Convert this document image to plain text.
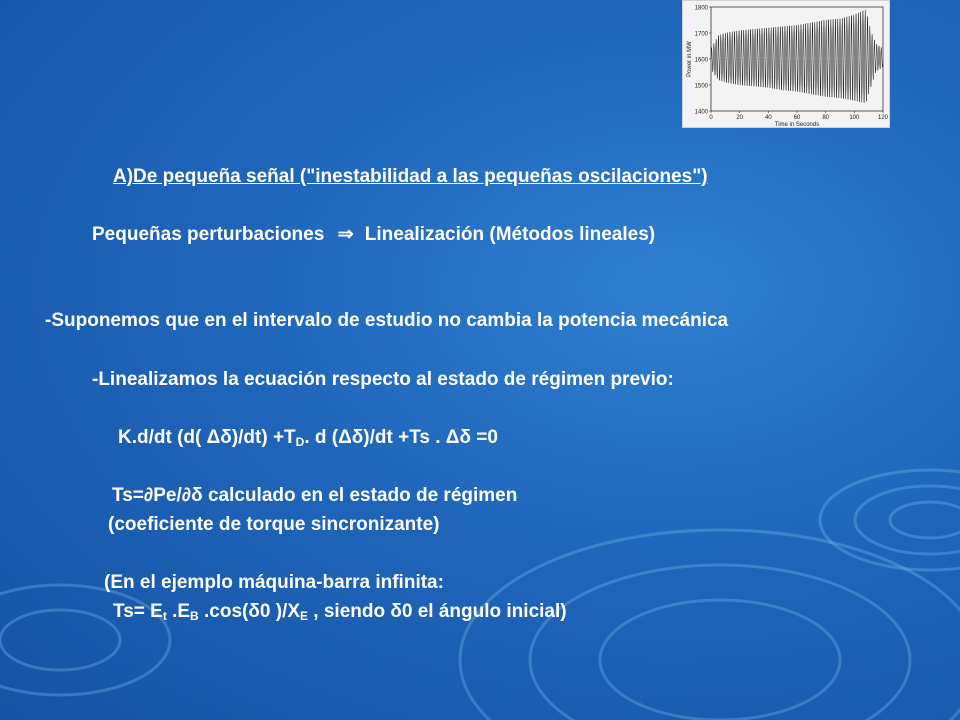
1400
1500
1600
1700
1800
0	20	40	60	80	100	120
Time in Seconds
Power in MW
A)De pequeña señal ("inestabilidad a las pequeñas oscilaciones")
Pequeñas perturbaciones ⇒ Linealización (Métodos lineales)
-Suponemos que en el intervalo de estudio no cambia la potencia mecánica
-Linealizamos la ecuación respecto al estado de régimen previo:
K.d/dt (d( $\Delta\delta)/dt) +T_D$. d (Δδ)/dt +Ts . Δδ =0
Ts=∂Pe/∂δ calculado en el estado de régimen
(coeficiente de torque sincronizante)
(En el ejemplo máquina-barra infinita:
$Ts= E_t$ $.E_B$ .cos(δ0 )$/X_E$ , siendo δ0 el ángulo inicial)
